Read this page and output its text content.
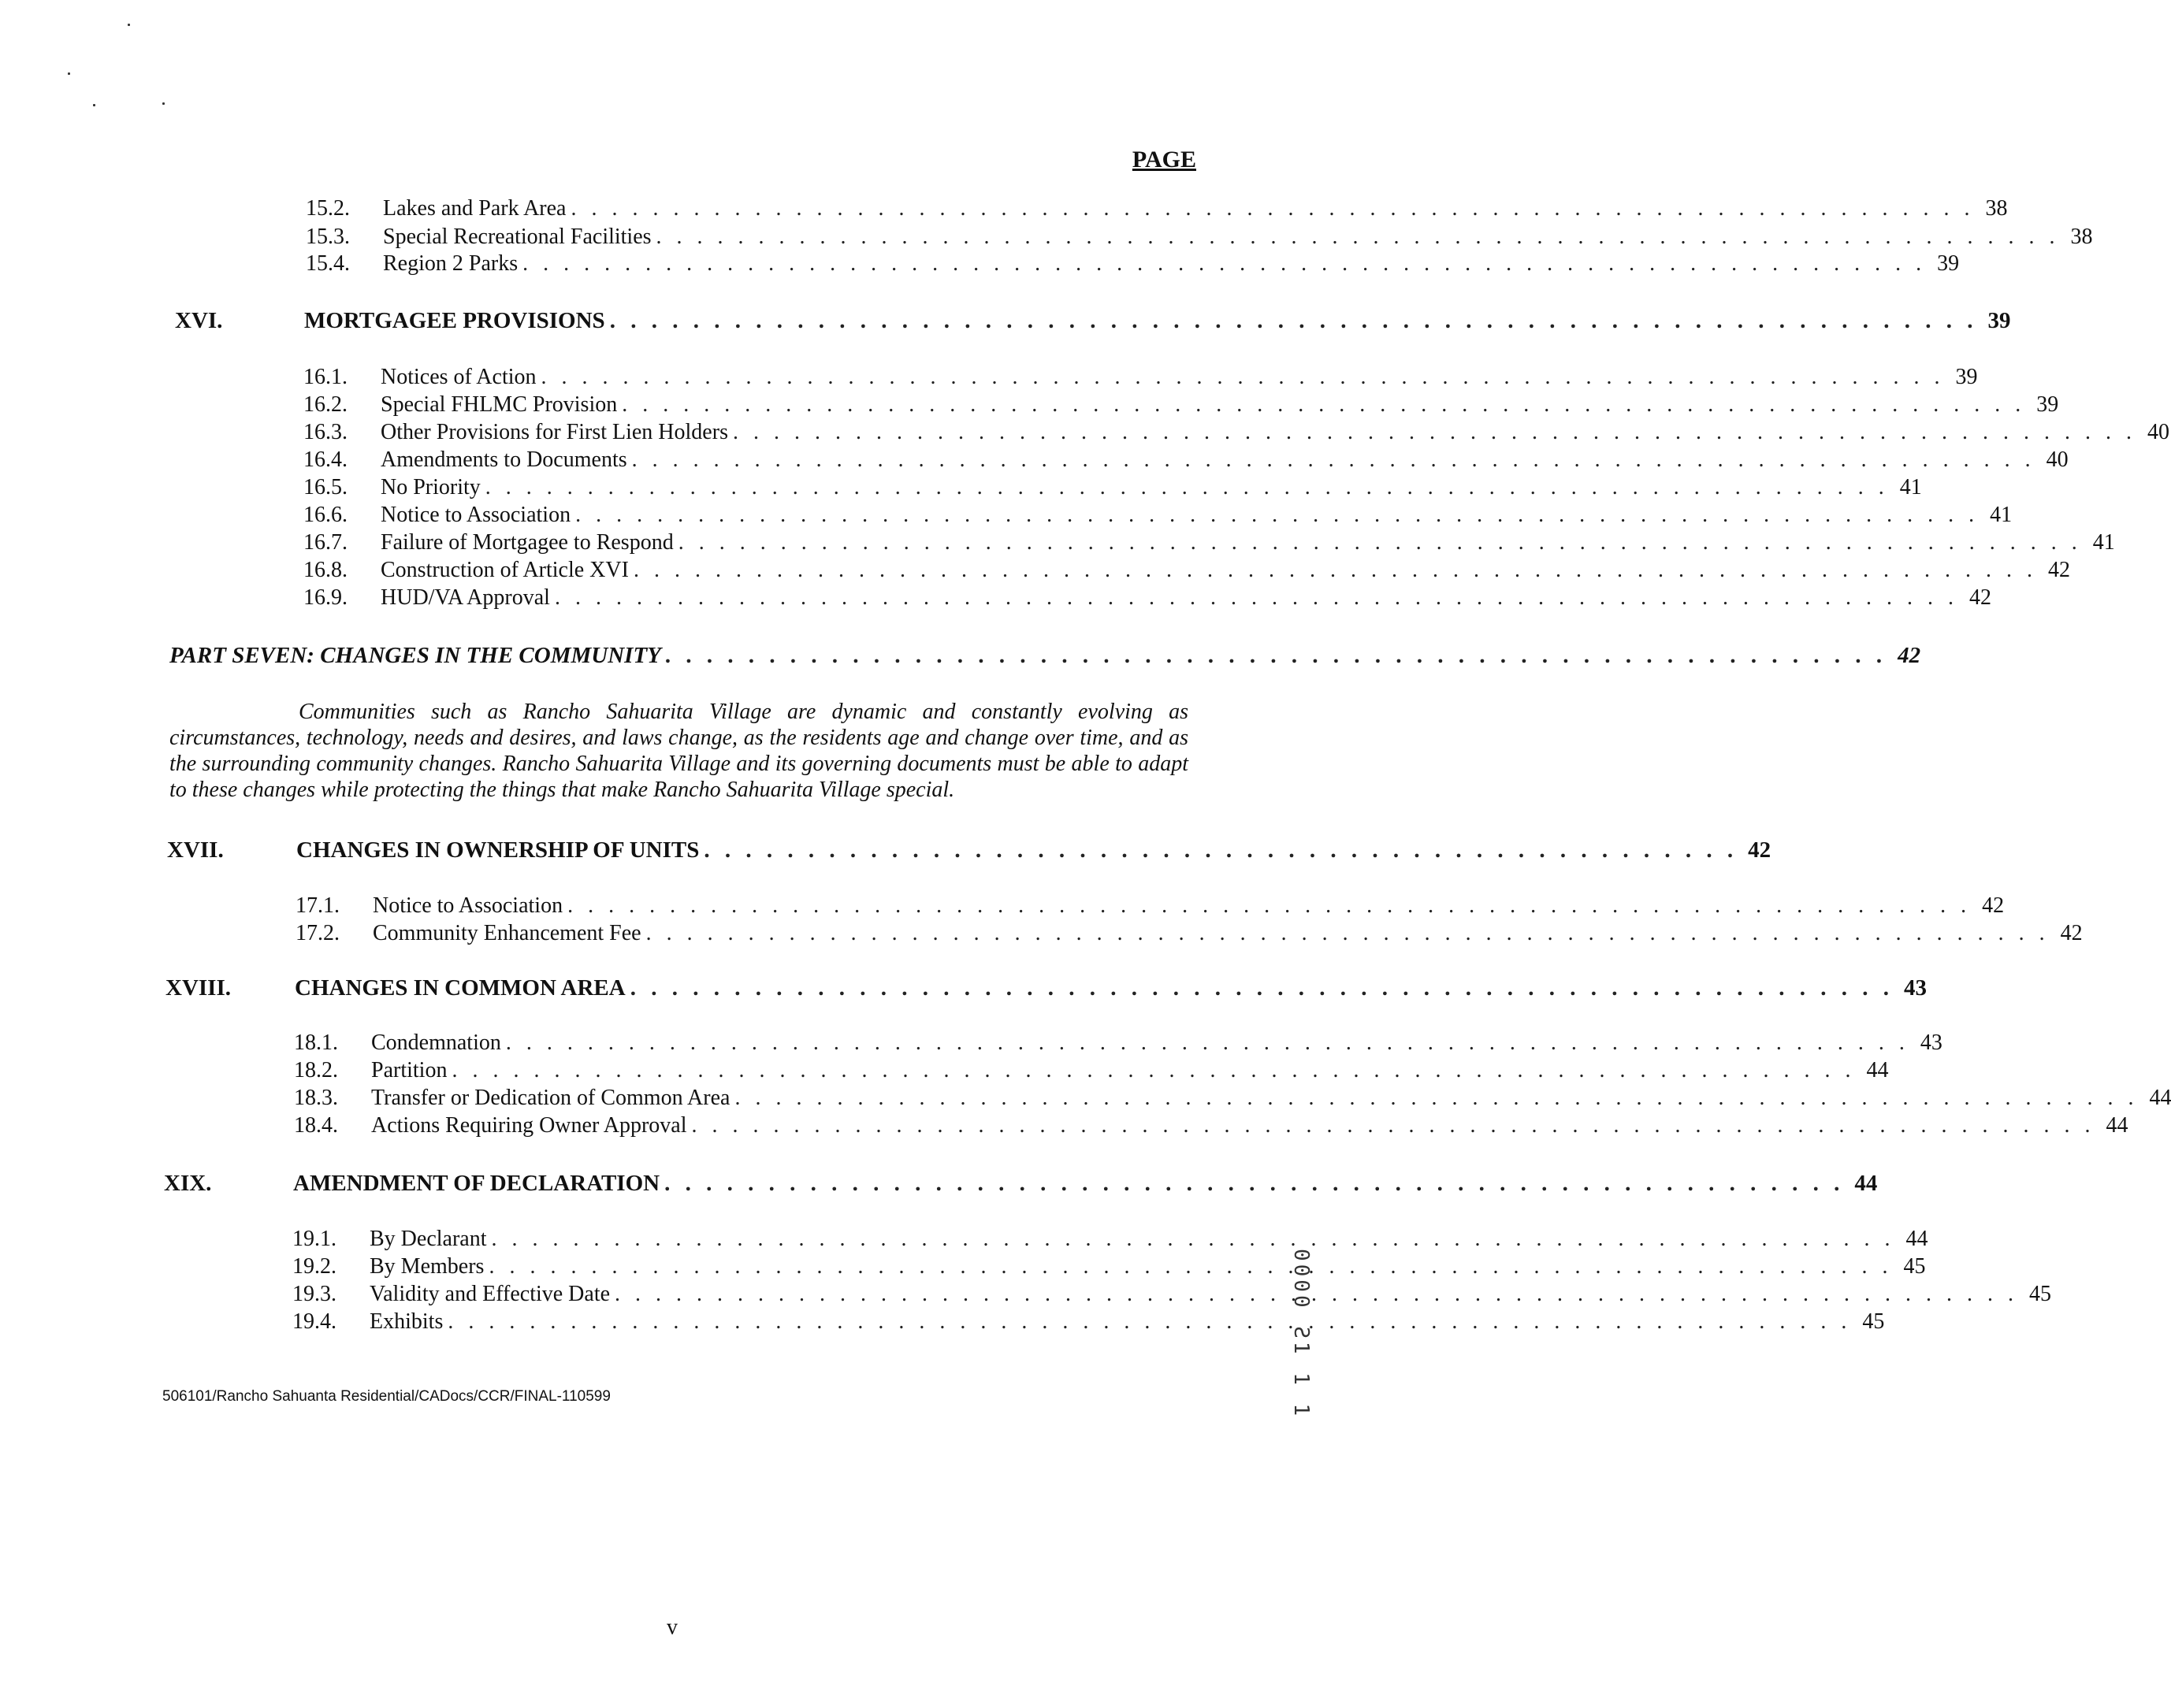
PAGE
15.2.	Lakes and Park Area . . . . . . . . . . . . . . . . . . . . . . . . . . . . . . . . . . . . . . . . . . . . . . . . . . . . . . . . . . . . . . . . . . . . . 38
15.3.	Special Recreational Facilities . . . . . . . . . . . . . . . . . . . . . . . . . . . . . . . . . . . . . . . . . . . . . . . . . . . . . . . . . . . . . . . . . . . . . 38
15.4.	Region 2 Parks . . . . . . . . . . . . . . . . . . . . . . . . . . . . . . . . . . . . . . . . . . . . . . . . . . . . . . . . . . . . . . . . . . . . . 39
XVI.	MORTGAGEE PROVISIONS . . . . . . . . . . . . . . . . . . . . . . . . . . . . . . . . . . . . . . . . . . . . . . . . . . . . . . . . . . . . . . . . . . 39
16.1.	Notices of Action . . . . . . . . . . . . . . . . . . . . . . . . . . . . . . . . . . . . . . . . . . . . . . . . . . . . . . . . . . . . . . . . . . . . . 39
16.2.	Special FHLMC Provision . . . . . . . . . . . . . . . . . . . . . . . . . . . . . . . . . . . . . . . . . . . . . . . . . . . . . . . . . . . . . . . . . . . . . 39
16.3.	Other Provisions for First Lien Holders . . . . . . . . . . . . . . . . . . . . . . . . . . . . . . . . . . . . . . . . . . . . . . . . . . . . . . . . . . . . . . . . . . . . . 40
16.4.	Amendments to Documents . . . . . . . . . . . . . . . . . . . . . . . . . . . . . . . . . . . . . . . . . . . . . . . . . . . . . . . . . . . . . . . . . . . . . 40
16.5.	No Priority . . . . . . . . . . . . . . . . . . . . . . . . . . . . . . . . . . . . . . . . . . . . . . . . . . . . . . . . . . . . . . . . . . . . . 41
16.6.	Notice to Association . . . . . . . . . . . . . . . . . . . . . . . . . . . . . . . . . . . . . . . . . . . . . . . . . . . . . . . . . . . . . . . . . . . . . 41
16.7.	Failure of Mortgagee to Respond . . . . . . . . . . . . . . . . . . . . . . . . . . . . . . . . . . . . . . . . . . . . . . . . . . . . . . . . . . . . . . . . . . . . . 41
16.8.	Construction of Article XVI . . . . . . . . . . . . . . . . . . . . . . . . . . . . . . . . . . . . . . . . . . . . . . . . . . . . . . . . . . . . . . . . . . . . . 42
16.9.	HUD/VA Approval . . . . . . . . . . . . . . . . . . . . . . . . . . . . . . . . . . . . . . . . . . . . . . . . . . . . . . . . . . . . . . . . . . . . . 42
PART SEVEN: CHANGES IN THE COMMUNITY . . . . . . . . . . . . . . . . . . . . . . . . . . . . . . . . . . . . . . . . . . . . . . . . . . . . . . . . . . . 42
Communities such as Rancho Sahuarita Village are dynamic and constantly evolving as circumstances, technology, needs and desires, and laws change, as the residents age and change over time, and as the surrounding community changes. Rancho Sahuarita Village and its governing documents must be able to adapt to these changes while protecting the things that make Rancho Sahuarita Village special.
XVII.	CHANGES IN OWNERSHIP OF UNITS . . . . . . . . . . . . . . . . . . . . . . . . . . . . . . . . . . . . . . . . . . . . . . . . . . 42
17.1.	Notice to Association . . . . . . . . . . . . . . . . . . . . . . . . . . . . . . . . . . . . . . . . . . . . . . . . . . . . . . . . . . . . . . . . . . . . . 42
17.2.	Community Enhancement Fee . . . . . . . . . . . . . . . . . . . . . . . . . . . . . . . . . . . . . . . . . . . . . . . . . . . . . . . . . . . . . . . . . . . . . 42
XVIII.	CHANGES IN COMMON AREA . . . . . . . . . . . . . . . . . . . . . . . . . . . . . . . . . . . . . . . . . . . . . . . . . . . . . . . . . . . . . 43
18.1.	Condemnation . . . . . . . . . . . . . . . . . . . . . . . . . . . . . . . . . . . . . . . . . . . . . . . . . . . . . . . . . . . . . . . . . . . . . 43
18.2.	Partition . . . . . . . . . . . . . . . . . . . . . . . . . . . . . . . . . . . . . . . . . . . . . . . . . . . . . . . . . . . . . . . . . . . . . 44
18.3.	Transfer or Dedication of Common Area . . . . . . . . . . . . . . . . . . . . . . . . . . . . . . . . . . . . . . . . . . . . . . . . . . . . . . . . . . . . . . . . . . . . . 44
18.4.	Actions Requiring Owner Approval . . . . . . . . . . . . . . . . . . . . . . . . . . . . . . . . . . . . . . . . . . . . . . . . . . . . . . . . . . . . . . . . . . . . . 44
XIX.	AMENDMENT OF DECLARATION . . . . . . . . . . . . . . . . . . . . . . . . . . . . . . . . . . . . . . . . . . . . . . . . . . . . . . . . . 44
19.1.	By Declarant . . . . . . . . . . . . . . . . . . . . . . . . . . . . . . . . . . . . . . . . . . . . . . . . . . . . . . . . . . . . . . . . . . . . . 44
19.2.	By Members . . . . . . . . . . . . . . . . . . . . . . . . . . . . . . . . . . . . . . . . . . . . . . . . . . . . . . . . . . . . . . . . . . . . . 45
19.3.	Validity and Effective Date . . . . . . . . . . . . . . . . . . . . . . . . . . . . . . . . . . . . . . . . . . . . . . . . . . . . . . . . . . . . . . . . . . . . . 45
19.4.	Exhibits . . . . . . . . . . . . . . . . . . . . . . . . . . . . . . . . . . . . . . . . . . . . . . . . . . . . . . . . . . . . . . . . . . . . . 45
506101/Rancho Sahuanta Residential/CADocs/CCR/FINAL-110599
v
0000 Ƨ1 1 1
